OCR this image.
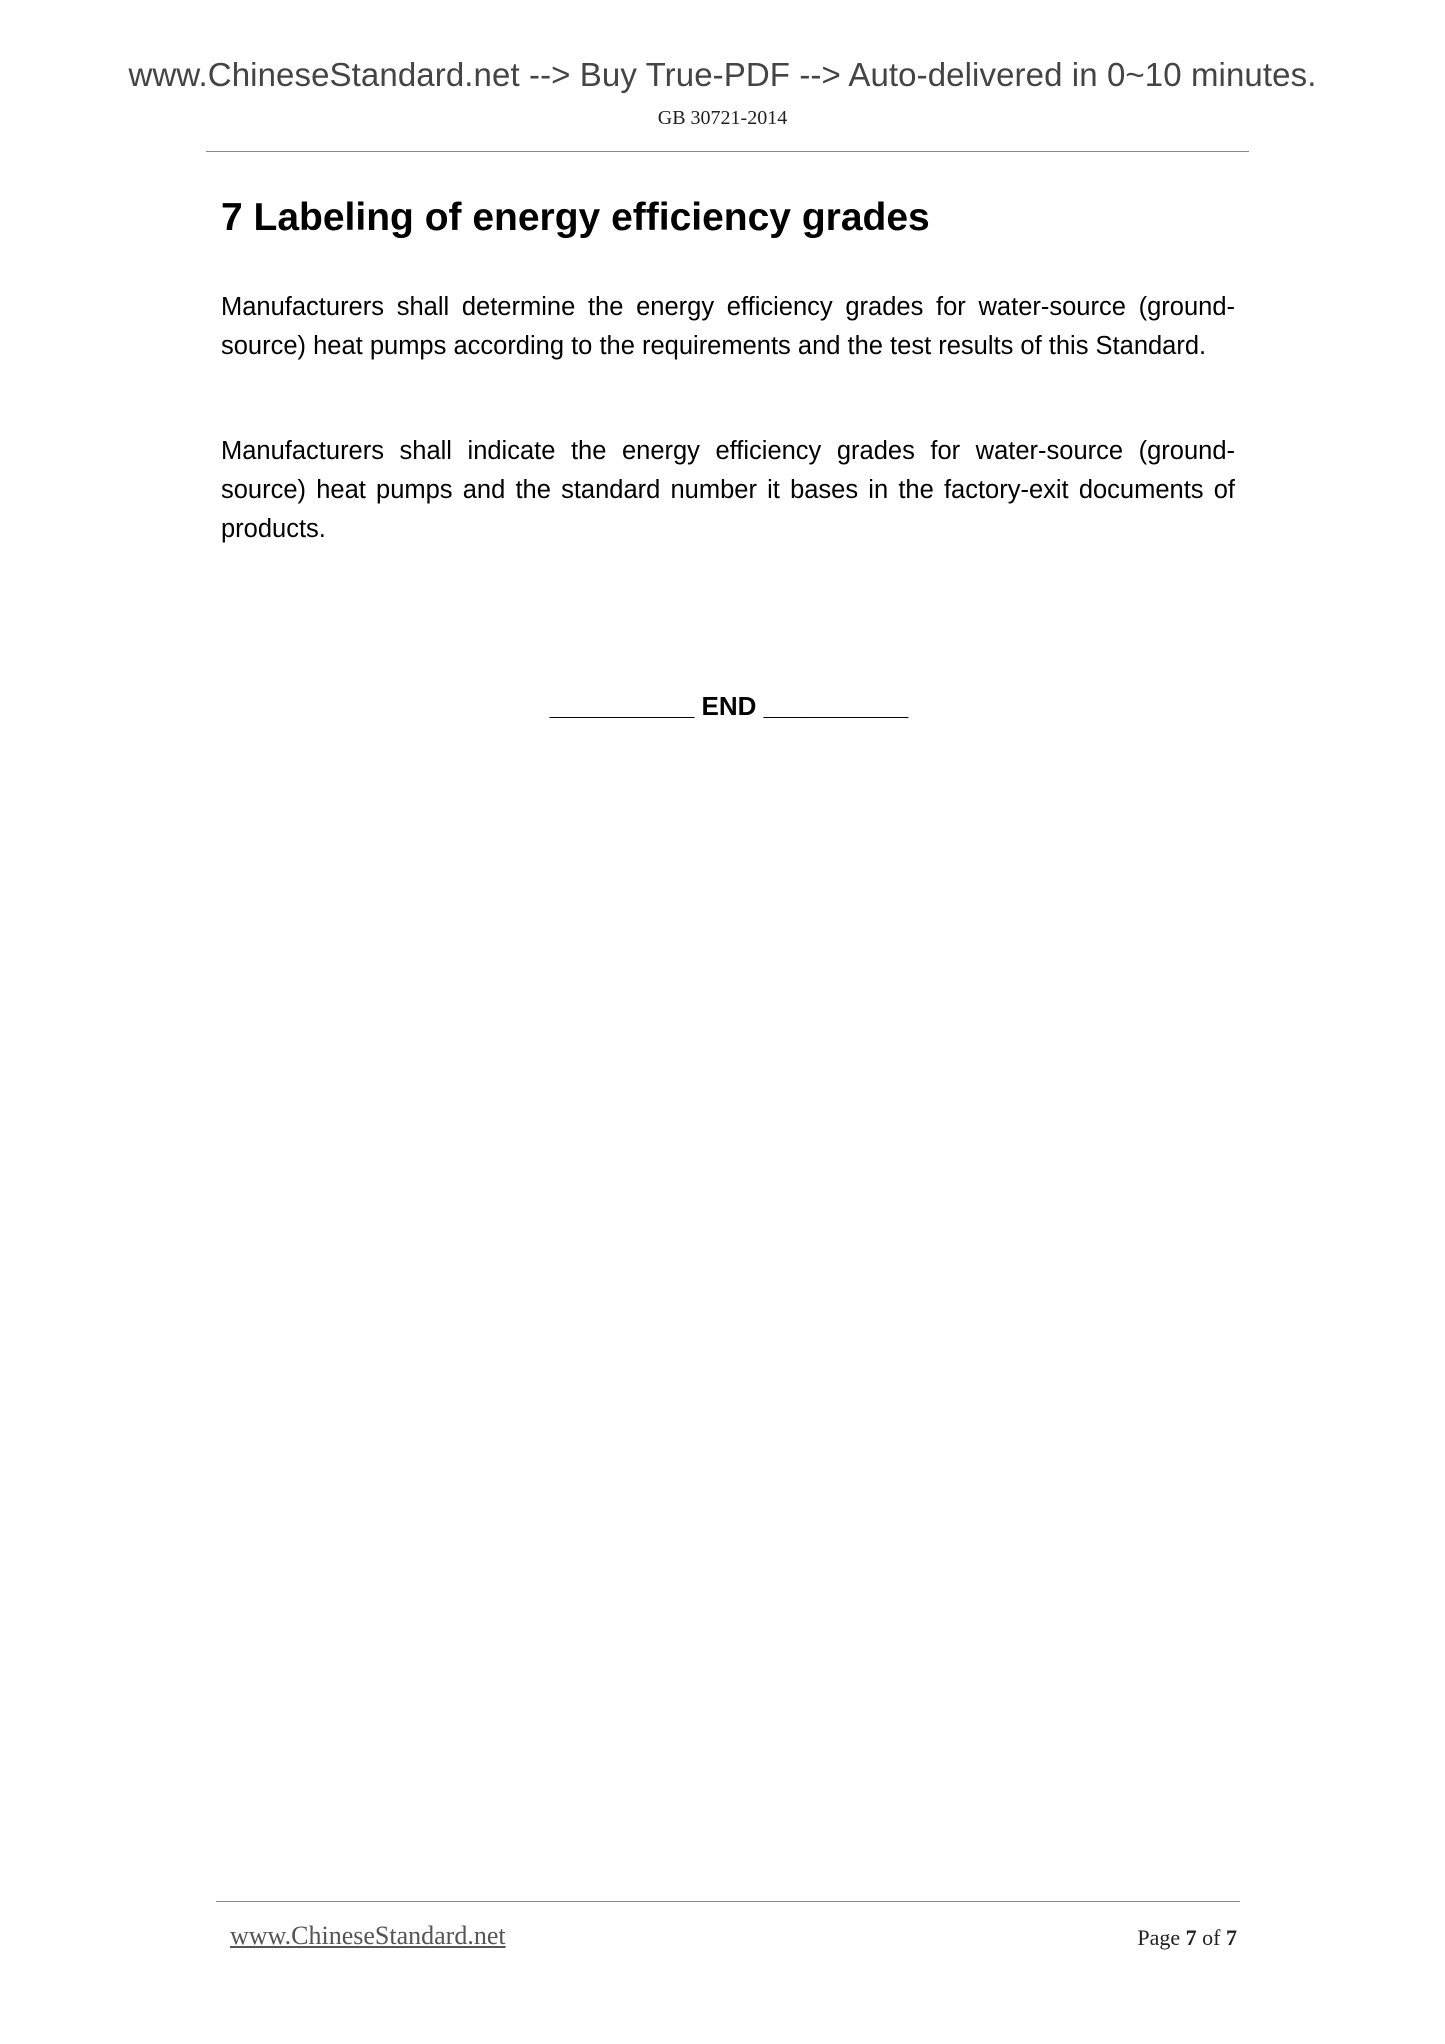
www.ChineseStandard.net --> Buy True-PDF --> Auto-delivered in 0~10 minutes.
GB 30721-2014
7 Labeling of energy efficiency grades

Manufacturers shall determine the energy efficiency grades for water-source (ground-source) heat pumps according to the requirements and the test results of this Standard.

Manufacturers shall indicate the energy efficiency grades for water-source (ground-source) heat pumps and the standard number it bases in the factory-exit documents of products.

__________ END __________
www.ChineseStandard.net	Page 7 of 7
